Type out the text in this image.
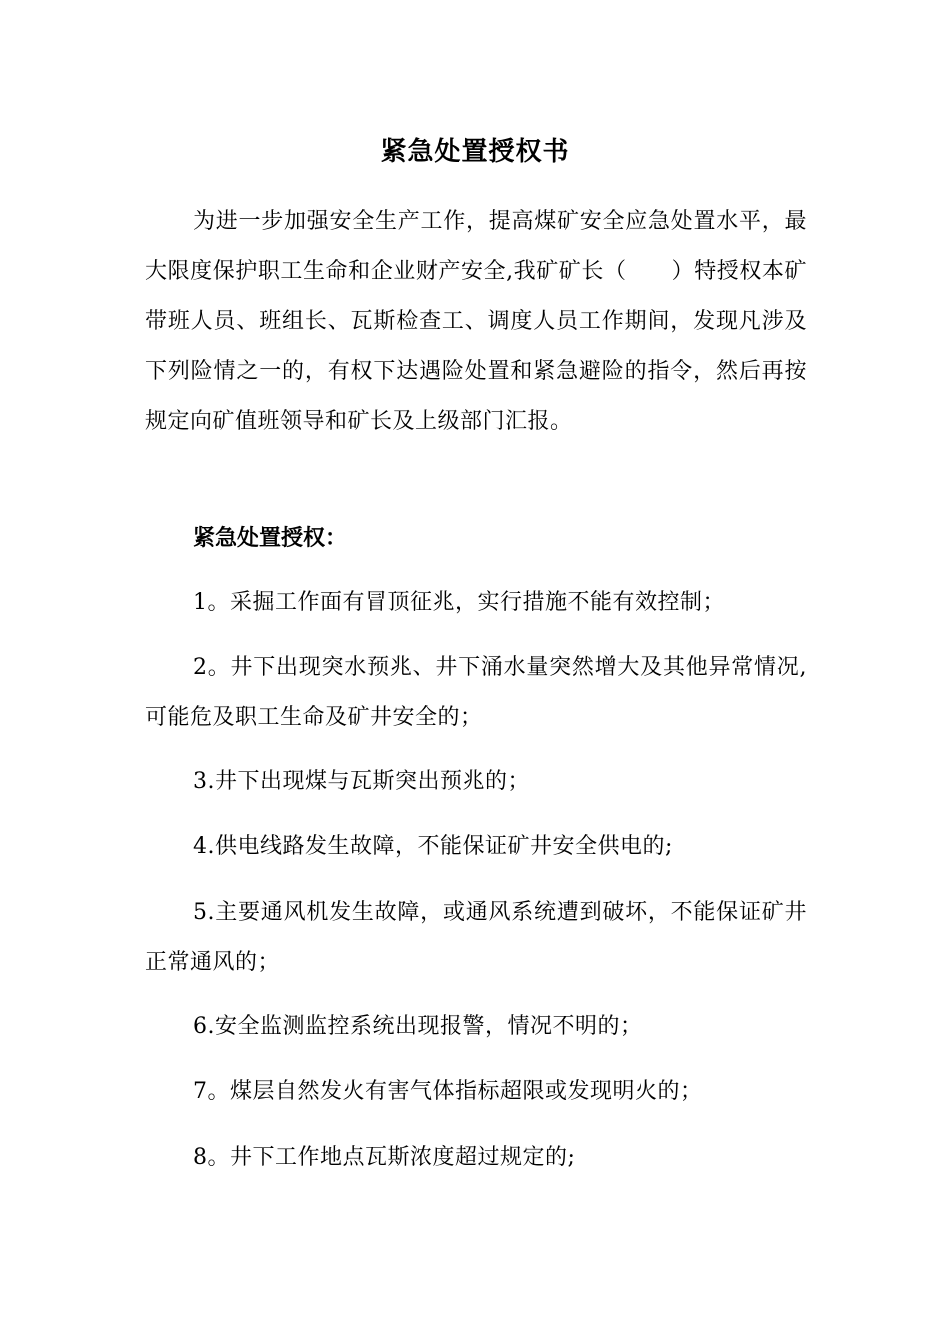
紧急处置授权书
为进一步加强安全生产工作，提高煤矿安全应急处置水平，最大限度保护职工生命和企业财产安全,我矿矿长（　　）特授权本矿带班人员、班组长、瓦斯检查工、调度人员工作期间，发现凡涉及下列险情之一的，有权下达遇险处置和紧急避险的指令，然后再按规定向矿值班领导和矿长及上级部门汇报。
紧急处置授权：
1。采掘工作面有冒顶征兆，实行措施不能有效控制；
2。井下出现突水预兆、井下涌水量突然增大及其他异常情况,可能危及职工生命及矿井安全的；
3.井下出现煤与瓦斯突出预兆的；
4.供电线路发生故障，不能保证矿井安全供电的;
5.主要通风机发生故障，或通风系统遭到破坏，不能保证矿井正常通风的；
6.安全监测监控系统出现报警，情况不明的；
7。煤层自然发火有害气体指标超限或发现明火的；
8。井下工作地点瓦斯浓度超过规定的;
